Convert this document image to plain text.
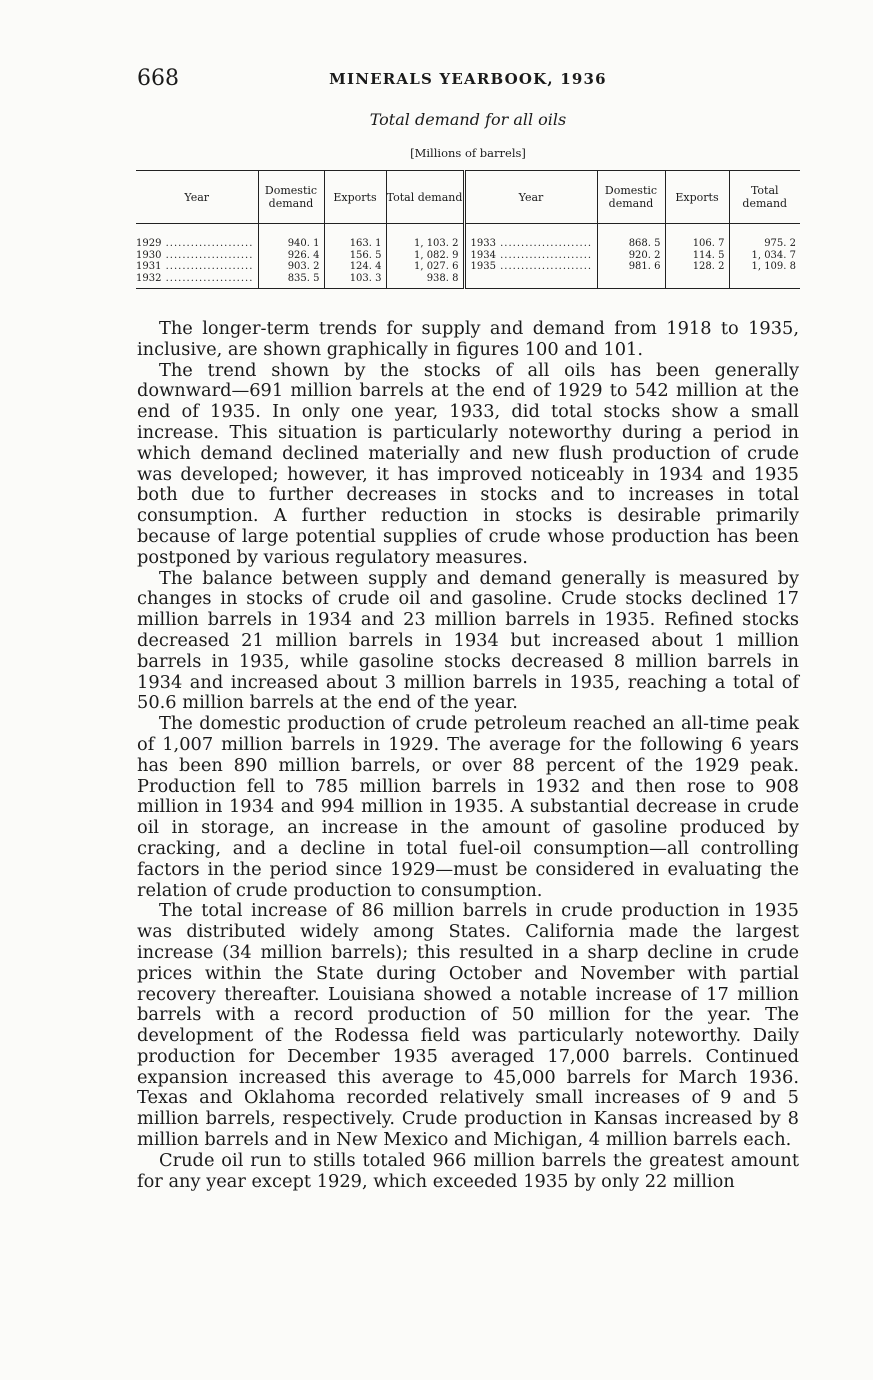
668	MINERALS YEARBOOK, 1936
Total demand for all oils
[Millions of barrels]
Year	Domestic demand	Exports	Total demand	Year	Domestic demand	Exports	Total demand

1929 .....	940. 1	163. 1	1, 103. 2	1933 .....	868. 5	106. 7	975. 2

1930 .....	926. 4	156. 5	1, 082. 9	1934 .....	920. 2	114. 5	1, 034. 7

1931 .....	903. 2	124. 4	1, 027. 6	1935 .....	981. 6	128. 2	1, 109. 8

1932 .....	835. 5	103. 3	938. 8				

The longer-term trends for supply and demand from 1918 to 1935, inclusive, are shown graphically in figures 100 and 101.

The trend shown by the stocks of all oils has been generally downward—691 million barrels at the end of 1929 to 542 million at the end of 1935. In only one year, 1933, did total stocks show a small increase. This situation is particularly noteworthy during a period in which demand declined materially and new flush production of crude was developed; however, it has improved noticeably in 1934 and 1935 both due to further decreases in stocks and to increases in total consumption. A further reduction in stocks is desirable primarily because of large potential supplies of crude whose production has been postponed by various regulatory measures.

The balance between supply and demand generally is measured by changes in stocks of crude oil and gasoline. Crude stocks declined 17 million barrels in 1934 and 23 million barrels in 1935. Refined stocks decreased 21 million barrels in 1934 but increased about 1 million barrels in 1935, while gasoline stocks decreased 8 million barrels in 1934 and increased about 3 million barrels in 1935, reaching a total of 50.6 million barrels at the end of the year.

The domestic production of crude petroleum reached an all-time peak of 1,007 million barrels in 1929. The average for the following 6 years has been 890 million barrels, or over 88 percent of the 1929 peak. Production fell to 785 million barrels in 1932 and then rose to 908 million in 1934 and 994 million in 1935. A substantial decrease in crude oil in storage, an increase in the amount of gasoline produced by cracking, and a decline in total fuel-oil consumption—all controlling factors in the period since 1929—must be considered in evaluating the relation of crude production to consumption.

The total increase of 86 million barrels in crude production in 1935 was distributed widely among States. California made the largest increase (34 million barrels); this resulted in a sharp decline in crude prices within the State during October and November with partial recovery thereafter. Louisiana showed a notable increase of 17 million barrels with a record production of 50 million for the year. The development of the Rodessa field was particularly noteworthy. Daily production for December 1935 averaged 17,000 barrels. Continued expansion increased this average to 45,000 barrels for March 1936. Texas and Oklahoma recorded relatively small increases of 9 and 5 million barrels, respectively. Crude production in Kansas increased by 8 million barrels and in New Mexico and Michigan, 4 million barrels each.

Crude oil run to stills totaled 966 million barrels the greatest amount for any year except 1929, which exceeded 1935 by only 22 million
